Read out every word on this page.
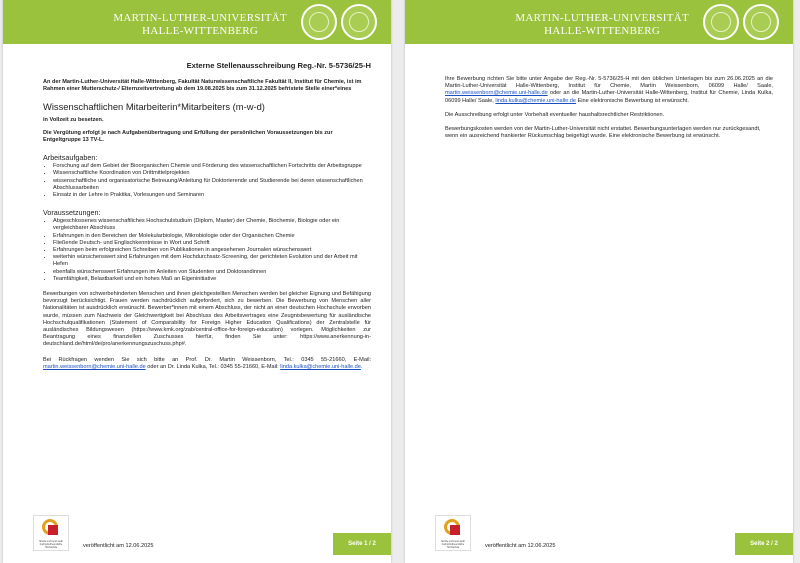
MARTIN-LUTHER-UNIVERSITÄT
HALLE-WITTENBERG
Externe Stellenausschreibung Reg.-Nr. 5-5736/25-H
An der Martin-Luther-Universität Halle-Wittenberg, Fakultät Naturwissenschaftliche Fakultät II, Institut für Chemie, ist im Rahmen einer Mutterschutz-/ Elternzeitvertretung ab dem 19.08.2025 bis zum 31.12.2025 befristete Stelle einer*eines
Wissenschaftlichen Mitarbeiterin*Mitarbeiters (m-w-d)
in Vollzeit zu besetzen.
Die Vergütung erfolgt je nach Aufgabenübertragung und Erfüllung der persönlichen Voraussetzungen bis zur Entgeltgruppe 13 TV-L.
Arbeitsaufgaben:
• Forschung auf dem Gebiet der Bioorganischen Chemie und Förderung des wissenschaftlichen Fortschritts der Arbeitsgruppe
• Wissenschaftliche Koordination von Drittmittelprojekten
• wissenschaftliche und organisatorische Betreuung/Anleitung für Doktorierende und Studierende bei deren wissenschaftlichen Abschlussarbeiten
• Einsatz in der Lehre in Praktika, Vorlesungen und Seminaren
Voraussetzungen:
• Abgeschlossenes wissenschaftliches Hochschulstudium (Diplom, Master) der Chemie, Biochemie, Biologie oder ein vergleichbarer Abschluss
• Erfahrungen in den Bereichen der Molekularbiologie, Mikrobiologie oder der Organischen Chemie
• Fließende Deutsch- und Englischkenntnisse in Wort und Schrift
• Erfahrungen beim erfolgreichen Schreiben von Publikationen in angesehenen Journalen wünschenswert
• weiterhin wünschenswert sind Erfahrungen mit dem Hochdurchsatz-Screening, der gerichteten Evolution und der Arbeit mit Hefen
• ebenfalls wünschenswert Erfahrungen im Anleiten von Studenten und Doktorandinnen
• Teamfähigkeit, Belastbarkeit und ein hohes Maß an Eigeninitiative
Bewerbungen von schwerbehinderten Menschen und ihnen gleichgestellten Menschen werden bei gleicher Eignung und Befähigung bevorzugt berücksichtigt. Frauen werden nachdrücklich aufgefordert, sich zu bewerben. Die Bewerbung von Menschen aller Nationalitäten ist ausdrücklich erwünscht. Bewerber*innen mit einem Abschluss, der nicht an einer deutschen Hochschule erworben wurde, müssen zum Nachweis der Gleichwertigkeit bei Abschluss des Arbeitsvertrages eine Zeugnisbewertung für ausländische Hochschulqualifikationen (Statement of Comparability for Foreign Higher Education Qualifications) der Zentralstelle für ausländisches Bildungswesen (https://www.kmk.org/zab/central-office-for-foreign-education) vorlegen. Möglichkeiten zur Beantragung eines finanziellen Zuschusses hierfür, finden Sie unter: https://www.anerkennung-in-deutschland.de/html/de/pro/anerkennungszuschuss.php#.
Bei Rückfragen wenden Sie sich bitte an Prof. Dr. Martin Weissenborn, Tel.: 0345 55-21660, E-Mail: martin.weissenborn@chemie.uni-halle.de oder an Dr. Linda Kulka, Tel.: 0345 55-21660, E-Mail: linda.kulka@chemie.uni-halle.de.
familie und beruf audit hochschulfreundliche Hochschule	veröffentlicht am 12.06.2025	Seite 1 / 2
MARTIN-LUTHER-UNIVERSITÄT
HALLE-WITTENBERG
Ihre Bewerbung richten Sie bitte unter Angabe der Reg.-Nr. 5-5736/25-H mit den üblichen Unterlagen bis zum 26.06.2025 an die Martin-Luther-Universität Halle-Wittenberg, Institut für Chemie, Martin Weissenborn, 06099 Halle/ Saale, martin.weissenborn@chemie.uni-halle.de oder an die Martin-Luther-Universität Halle-Wittenberg, Institut für Chemie, Linda Kulka, 06099 Halle/ Saale, linda.kulka@chemie.uni-halle.de Eine elektronische Bewerbung ist erwünscht.
Die Ausschreibung erfolgt unter Vorbehalt eventueller haushaltsrechtlicher Restriktionen.
Bewerbungskosten werden von der Martin-Luther-Universität nicht erstattet. Bewerbungsunterlagen werden nur zurückgesandt, wenn ein ausreichend frankierter Rückumschlag beigefügt wurde. Eine elektronische Bewerbung ist erwünscht.
familie und beruf audit hochschulfreundliche Hochschule	veröffentlicht am 12.06.2025	Seite 2 / 2
